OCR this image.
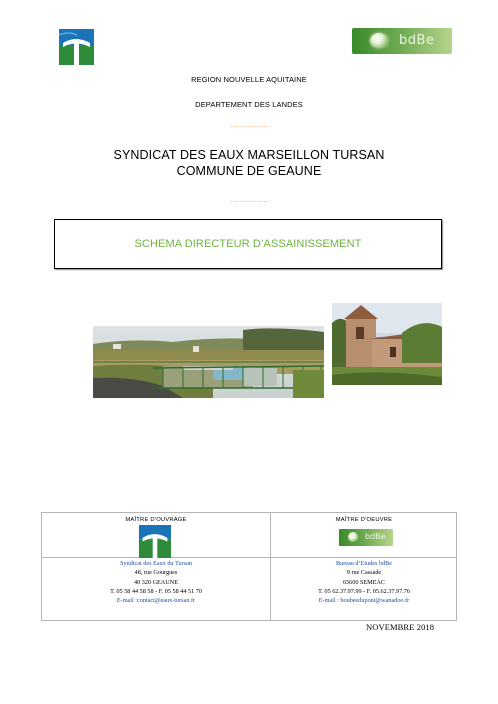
bdBe
REGION NOUVELLE AQUITAINE
DEPARTEMENT DES LANDES
…………….
SYNDICAT DES EAUX MARSEILLON TURSAN
COMMUNE DE GEAUNE
…………….
SCHEMA DIRECTEUR D’ASSAINISSEMENT
MAÎTRE D’OUVRAGE	MAÎTRE D’OEUVRE
bdBe
Syndicat des Eaux du Tursan
48, rue Gourgues
40 320 GEAUNE
T. 05 58 44 58 58 - F. 05 58 44 51 70
E-mail :contact@eaux-tursan.fr
Bureau d’Etudes bdBe
9 rue Cassade
65600 SEMEAC
T. 05 62.37.97.99 - F. 05.62.37.97.76
E-mail : boubeedupont@wanadoo.fr
NOVEMBRE 2018
